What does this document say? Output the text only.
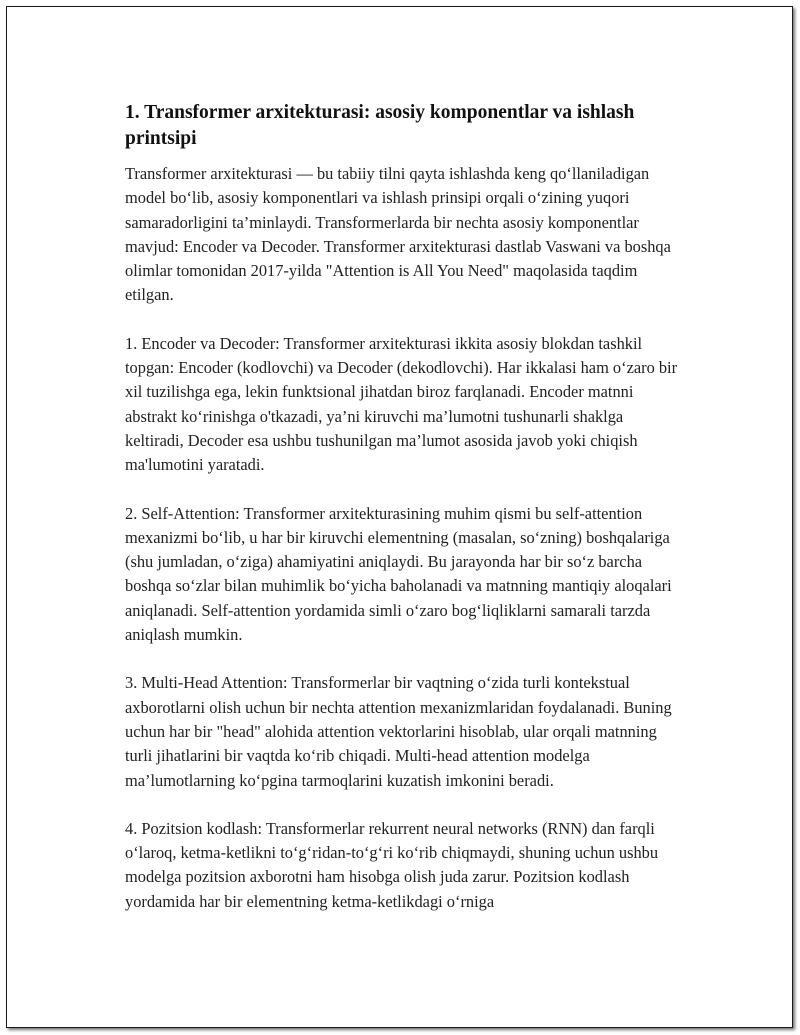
1. Transformer arxitekturasi: asosiy komponentlar va ishlash printsipi

Transformer arxitekturasi — bu tabiiy tilni qayta ishlashda keng qo‘llaniladigan model bo‘lib, asosiy komponentlari va ishlash prinsipi orqali o‘zining yuqori samaradorligini ta’minlaydi. Transformerlarda bir nechta asosiy komponentlar mavjud: Encoder va Decoder. Transformer arxitekturasi dastlab Vaswani va boshqa olimlar tomonidan 2017-yilda "Attention is All You Need" maqolasida taqdim etilgan.

1. Encoder va Decoder: Transformer arxitekturasi ikkita asosiy blokdan tashkil topgan: Encoder (kodlovchi) va Decoder (dekodlovchi). Har ikkalasi ham o‘zaro bir xil tuzilishga ega, lekin funktsional jihatdan biroz farqlanadi. Encoder matnni abstrakt ko‘rinishga o'tkazadi, ya’ni kiruvchi ma’lumotni tushunarli shaklga keltiradi, Decoder esa ushbu tushunilgan ma’lumot asosida javob yoki chiqish ma'lumotini yaratadi.

2. Self-Attention: Transformer arxitekturasining muhim qismi bu self-attention mexanizmi bo‘lib, u har bir kiruvchi elementning (masalan, so‘zning) boshqalariga (shu jumladan, o‘ziga) ahamiyatini aniqlaydi. Bu jarayonda har bir so‘z barcha boshqa so‘zlar bilan muhimlik bo‘yicha baholanadi va matnning mantiqiy aloqalari aniqlanadi. Self-attention yordamida simli o‘zaro bog‘liqliklarni samarali tarzda aniqlash mumkin.

3. Multi-Head Attention: Transformerlar bir vaqtning o‘zida turli kontekstual axborotlarni olish uchun bir nechta attention mexanizmlaridan foydalanadi. Buning uchun har bir "head" alohida attention vektorlarini hisoblab, ular orqali matnning turli jihatlarini bir vaqtda ko‘rib chiqadi. Multi-head attention modelga ma’lumotlarning ko‘pgina tarmoqlarini kuzatish imkonini beradi.

4. Pozitsion kodlash: Transformerlar rekurrent neural networks (RNN) dan farqli o‘laroq, ketma-ketlikni to‘g‘ridan-to‘g‘ri ko‘rib chiqmaydi, shuning uchun ushbu modelga pozitsion axborotni ham hisobga olish juda zarur. Pozitsion kodlash yordamida har bir elementning ketma-ketlikdagi o‘rniga
